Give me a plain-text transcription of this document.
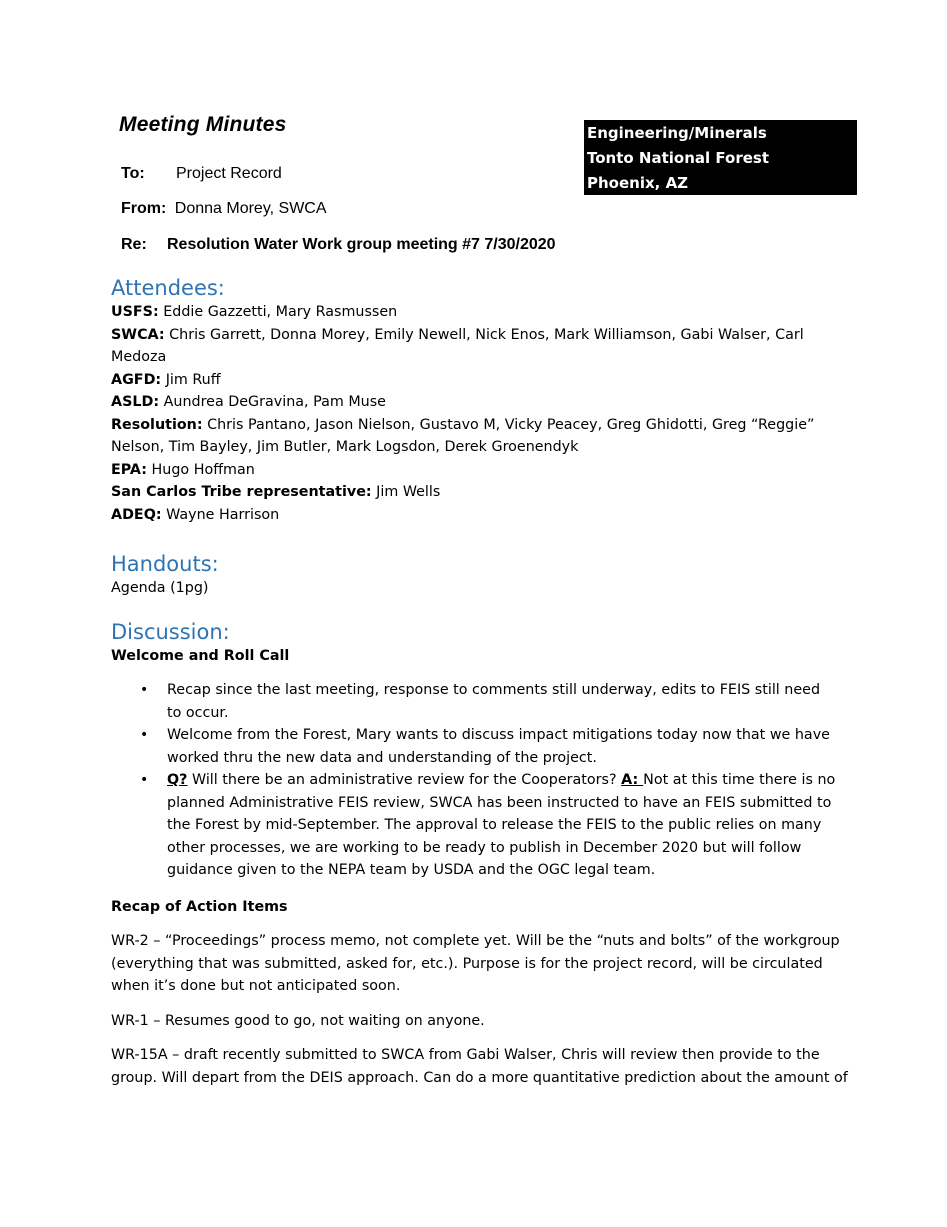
Meeting Minutes	Engineering/Minerals
Tonto National Forest
Phoenix, AZ
To: Project Record
From: Donna Morey, SWCA
Re: Resolution Water Work group meeting #7 7/30/2020
Attendees:

USFS: Eddie Gazzetti, Mary Rasmussen

SWCA: Chris Garrett, Donna Morey, Emily Newell, Nick Enos, Mark Williamson, Gabi Walser, Carl Medoza

AGFD: Jim Ruff

ASLD: Aundrea DeGravina, Pam Muse

Resolution: Chris Pantano, Jason Nielson, Gustavo M, Vicky Peacey, Greg Ghidotti, Greg “Reggie” Nelson, Tim Bayley, Jim Butler, Mark Logsdon, Derek Groenendyk

EPA: Hugo Hoffman

San Carlos Tribe representative: Jim Wells

ADEQ: Wayne Harrison

Handouts:

Agenda (1pg)

Discussion:

Welcome and Roll Call

• Recap since the last meeting, response to comments still underway, edits to FEIS still need to occur.
• Welcome from the Forest, Mary wants to discuss impact mitigations today now that we have worked thru the new data and understanding of the project.
• Q? Will there be an administrative review for the Cooperators? A: Not at this time there is no planned Administrative FEIS review, SWCA has been instructed to have an FEIS submitted to the Forest by mid-September. The approval to release the FEIS to the public relies on many other processes, we are working to be ready to publish in December 2020 but will follow guidance given to the NEPA team by USDA and the OGC legal team.

Recap of Action Items

WR-2 – “Proceedings” process memo, not complete yet. Will be the “nuts and bolts” of the workgroup (everything that was submitted, asked for, etc.). Purpose is for the project record, will be circulated when it’s done but not anticipated soon.

WR-1 – Resumes good to go, not waiting on anyone.

WR-15A – draft recently submitted to SWCA from Gabi Walser, Chris will review then provide to the group. Will depart from the DEIS approach. Can do a more quantitative prediction about the amount of
